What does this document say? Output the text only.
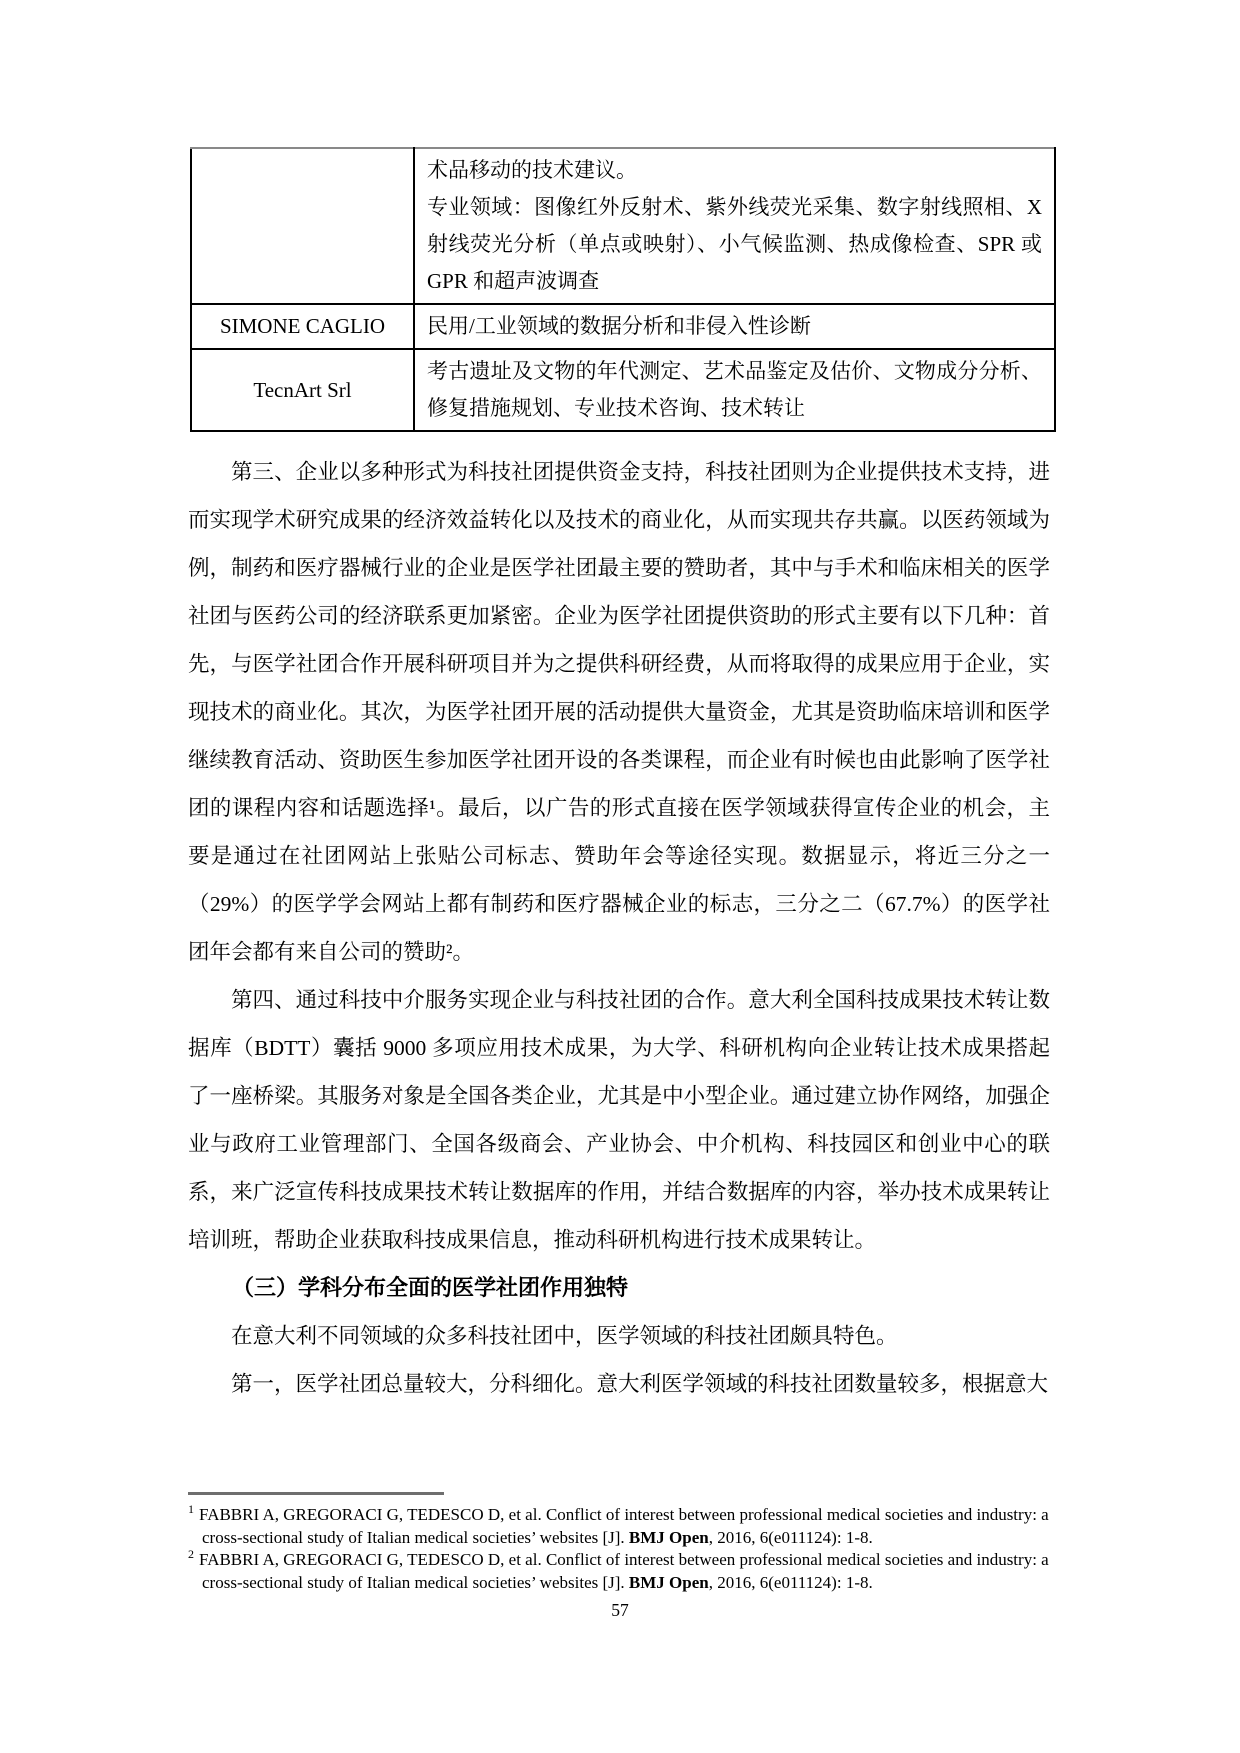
	术品移动的技术建议。
专业领域：图像红外反射术、紫外线荧光采集、数字射线照相、X射线荧光分析（单点或映射）、小气候监测、热成像检查、SPR 或 GPR 和超声波调查

SIMONE CAGLIO	民用/工业领域的数据分析和非侵入性诊断
TecnArt Srl	考古遗址及文物的年代测定、艺术品鉴定及估价、文物成分分析、修复措施规划、专业技术咨询、技术转让

第三、企业以多种形式为科技社团提供资金支持，科技社团则为企业提供技术支持，进而实现学术研究成果的经济效益转化以及技术的商业化，从而实现共存共赢。以医药领域为例，制药和医疗器械行业的企业是医学社团最主要的赞助者，其中与手术和临床相关的医学社团与医药公司的经济联系更加紧密。企业为医学社团提供资助的形式主要有以下几种：首先，与医学社团合作开展科研项目并为之提供科研经费，从而将取得的成果应用于企业，实现技术的商业化。其次，为医学社团开展的活动提供大量资金，尤其是资助临床培训和医学继续教育活动、资助医生参加医学社团开设的各类课程，而企业有时候也由此影响了医学社团的课程内容和话题选择¹。最后，以广告的形式直接在医学领域获得宣传企业的机会，主要是通过在社团网站上张贴公司标志、赞助年会等途径实现。数据显示，将近三分之一（29%）的医学学会网站上都有制药和医疗器械企业的标志，三分之二（67.7%）的医学社团年会都有来自公司的赞助²。

第四、通过科技中介服务实现企业与科技社团的合作。意大利全国科技成果技术转让数据库（BDTT）囊括 9000 多项应用技术成果，为大学、科研机构向企业转让技术成果搭起了一座桥梁。其服务对象是全国各类企业，尤其是中小型企业。通过建立协作网络，加强企业与政府工业管理部门、全国各级商会、产业协会、中介机构、科技园区和创业中心的联系，来广泛宣传科技成果技术转让数据库的作用，并结合数据库的内容，举办技术成果转让培训班，帮助企业获取科技成果信息，推动科研机构进行技术成果转让。

（三）学科分布全面的医学社团作用独特

在意大利不同领域的众多科技社团中，医学领域的科技社团颇具特色。

第一，医学社团总量较大，分科细化。意大利医学领域的科技社团数量较多，根据意大

$^1$ FABBRI A, GREGORACI G, TEDESCO D, et al. Conflict of interest between professional medical societies and industry: a cross-sectional study of Italian medical societies’ websites [J]. BMJ Open, 2016, 6(e011124): 1-8.

$^2$ FABBRI A, GREGORACI G, TEDESCO D, et al. Conflict of interest between professional medical societies and industry: a cross-sectional study of Italian medical societies’ websites [J]. BMJ Open, 2016, 6(e011124): 1-8.

57
